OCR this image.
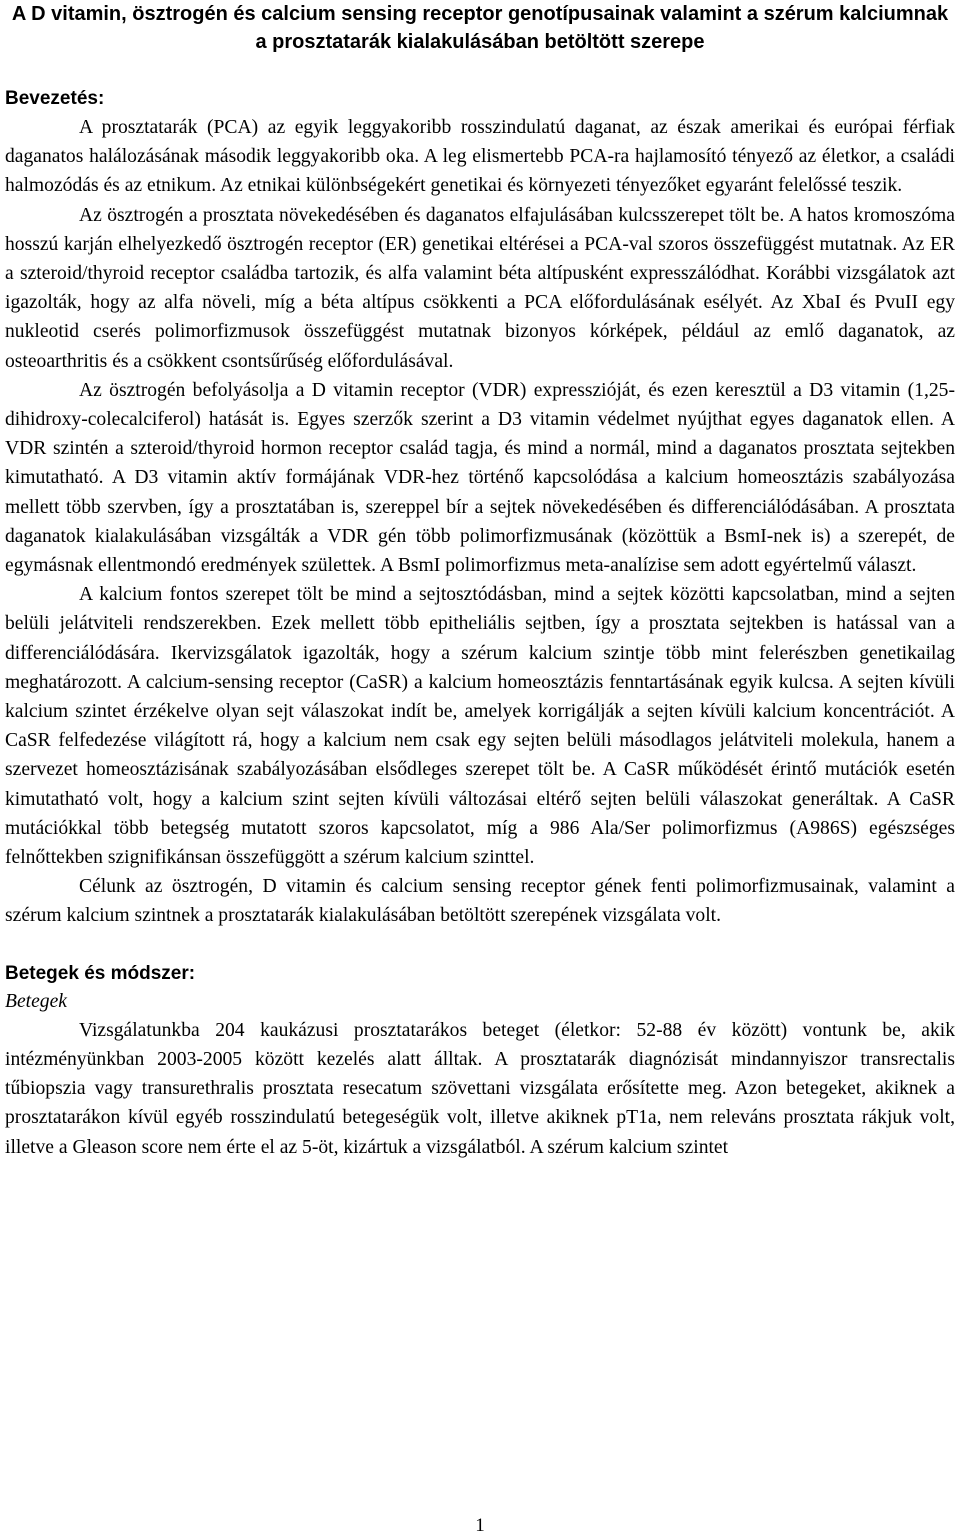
A D vitamin, ösztrogén és calcium sensing receptor genotípusainak valamint a szérum kalciumnak a prosztatarák kialakulásában betöltött szerepe
Bevezetés:

A prosztatarák (PCA) az egyik leggyakoribb rosszindulatú daganat, az észak amerikai és európai férfiak daganatos halálozásának második leggyakoribb oka. A leg elismertebb PCA-ra hajlamosító tényező az életkor, a családi halmozódás és az etnikum. Az etnikai különbségekért genetikai és környezeti tényezőket egyaránt felelőssé teszik.

Az ösztrogén a prosztata növekedésében és daganatos elfajulásában kulcsszerepet tölt be. A hatos kromoszóma hosszú karján elhelyezkedő ösztrogén receptor (ER) genetikai eltérései a PCA-val szoros összefüggést mutatnak. Az ER a szteroid/thyroid receptor családba tartozik, és alfa valamint béta altípusként expresszálódhat. Korábbi vizsgálatok azt igazolták, hogy az alfa növeli, míg a béta altípus csökkenti a PCA előfordulásának esélyét. Az XbaI és PvuII egy nukleotid cserés polimorfizmusok összefüggést mutatnak bizonyos kórképek, például az emlő daganatok, az osteoarthritis és a csökkent csontsűrűség előfordulásával.

Az ösztrogén befolyásolja a D vitamin receptor (VDR) expresszióját, és ezen keresztül a D3 vitamin (1,25-dihidroxy-colecalciferol) hatását is. Egyes szerzők szerint a D3 vitamin védelmet nyújthat egyes daganatok ellen. A VDR szintén a szteroid/thyroid hormon receptor család tagja, és mind a normál, mind a daganatos prosztata sejtekben kimutatható. A D3 vitamin aktív formájának VDR-hez történő kapcsolódása a kalcium homeosztázis szabályozása mellett több szervben, így a prosztatában is, szereppel bír a sejtek növekedésében és differenciálódásában. A prosztata daganatok kialakulásában vizsgálták a VDR gén több polimorfizmusának (közöttük a BsmI-nek is) a szerepét, de egymásnak ellentmondó eredmények születtek. A BsmI polimorfizmus meta-analízise sem adott egyértelmű választ.

A kalcium fontos szerepet tölt be mind a sejtosztódásban, mind a sejtek közötti kapcsolatban, mind a sejten belüli jelátviteli rendszerekben. Ezek mellett több epitheliális sejtben, így a prosztata sejtekben is hatással van a differenciálódására. Ikervizsgálatok igazolták, hogy a szérum kalcium szintje több mint felerészben genetikailag meghatározott. A calcium-sensing receptor (CaSR) a kalcium homeosztázis fenntartásának egyik kulcsa. A sejten kívüli kalcium szintet érzékelve olyan sejt válaszokat indít be, amelyek korrigálják a sejten kívüli kalcium koncentrációt. A CaSR felfedezése világított rá, hogy a kalcium nem csak egy sejten belüli másodlagos jelátviteli molekula, hanem a szervezet homeosztázisának szabályozásában elsődleges szerepet tölt be. A CaSR működését érintő mutációk esetén kimutatható volt, hogy a kalcium szint sejten kívüli változásai eltérő sejten belüli válaszokat generáltak. A CaSR mutációkkal több betegség mutatott szoros kapcsolatot, míg a 986 Ala/Ser polimorfizmus (A986S) egészséges felnőttekben szignifikánsan összefüggött a szérum kalcium szinttel.

Célunk az ösztrogén, D vitamin és calcium sensing receptor gének fenti polimorfizmusainak, valamint a szérum kalcium szintnek a prosztatarák kialakulásában betöltött szerepének vizsgálata volt.

Betegek és módszer:

Betegek

Vizsgálatunkba 204 kaukázusi prosztatarákos beteget (életkor: 52-88 év között) vontunk be, akik intézményünkban 2003-2005 között kezelés alatt álltak. A prosztatarák diagnózisát mindannyiszor transrectalis tűbiopszia vagy transurethralis prosztata resecatum szövettani vizsgálata erősítette meg. Azon betegeket, akiknek a prosztatarákon kívül egyéb rosszindulatú betegeségük volt, illetve akiknek pT1a, nem releváns prosztata rákjuk volt, illetve a Gleason score nem érte el az 5-öt, kizártuk a vizsgálatból. A szérum kalcium szintet

1
